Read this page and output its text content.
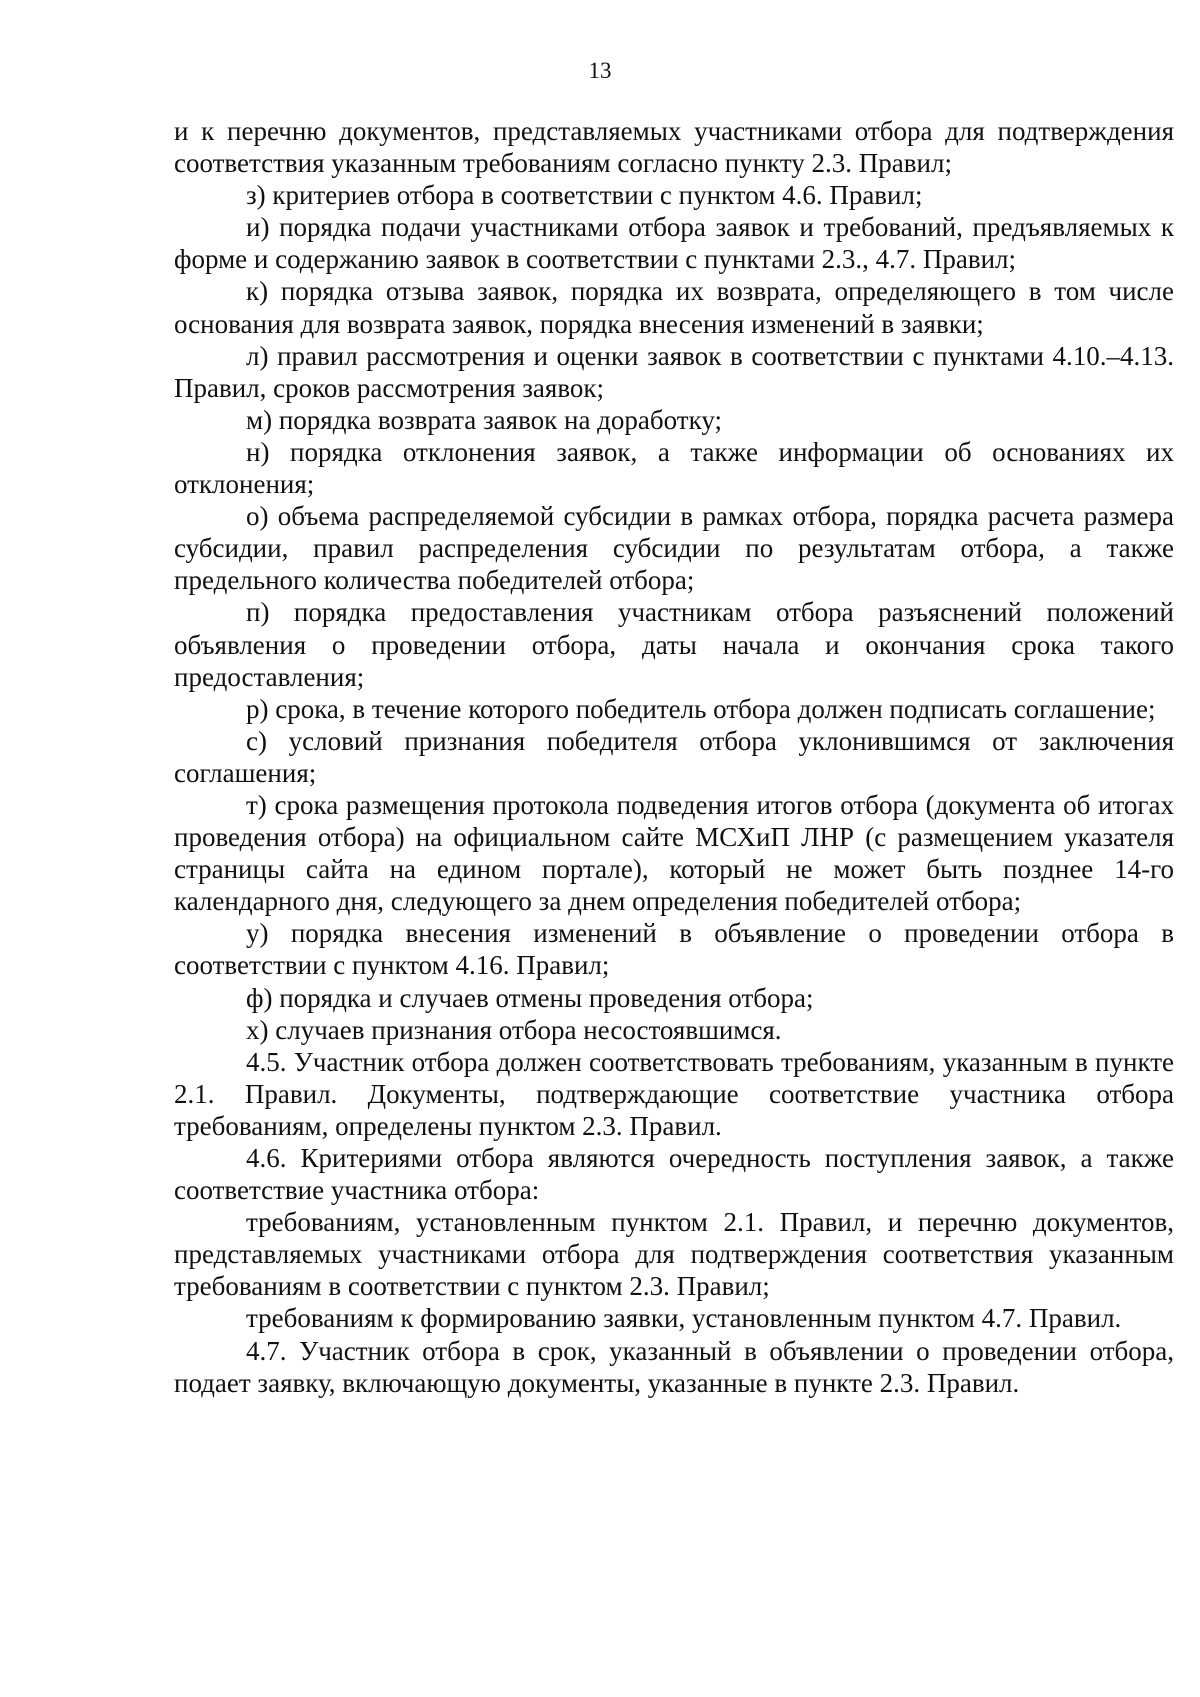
13

и к перечню документов, представляемых участниками отбора для подтверждения соответствия указанным требованиям согласно пункту 2.3. Правил;

з) критериев отбора в соответствии с пунктом 4.6. Правил;

и) порядка подачи участниками отбора заявок и требований, предъявляемых к форме и содержанию заявок в соответствии с пунктами 2.3., 4.7. Правил;

к) порядка отзыва заявок, порядка их возврата, определяющего в том числе основания для возврата заявок, порядка внесения изменений в заявки;

л) правил рассмотрения и оценки заявок в соответствии с пунктами 4.10.–4.13. Правил, сроков рассмотрения заявок;

м) порядка возврата заявок на доработку;

н) порядка отклонения заявок, а также информации об основаниях их отклонения;

о) объема распределяемой субсидии в рамках отбора, порядка расчета размера субсидии, правил распределения субсидии по результатам отбора, а также предельного количества победителей отбора;

п) порядка предоставления участникам отбора разъяснений положений объявления о проведении отбора, даты начала и окончания срока такого предоставления;

р) срока, в течение которого победитель отбора должен подписать соглашение;

с) условий признания победителя отбора уклонившимся от заключения соглашения;

т) срока размещения протокола подведения итогов отбора (документа об итогах проведения отбора) на официальном сайте МСХиП ЛНР (с размещением указателя страницы сайта на едином портале), который не может быть позднее 14-го календарного дня, следующего за днем определения победителей отбора;

у) порядка внесения изменений в объявление о проведении отбора в соответствии с пунктом 4.16. Правил;

ф) порядка и случаев отмены проведения отбора;

х) случаев признания отбора несостоявшимся.

4.5. Участник отбора должен соответствовать требованиям, указанным в пункте 2.1. Правил. Документы, подтверждающие соответствие участника отбора требованиям, определены пунктом 2.3. Правил.

4.6. Критериями отбора являются очередность поступления заявок, а также соответствие участника отбора:

требованиям, установленным пунктом 2.1. Правил, и перечню документов, представляемых участниками отбора для подтверждения соответствия указанным требованиям в соответствии с пунктом 2.3. Правил;

требованиям к формированию заявки, установленным пунктом 4.7. Правил.

4.7. Участник отбора в срок, указанный в объявлении о проведении отбора, подает заявку, включающую документы, указанные в пункте 2.3. Правил.
